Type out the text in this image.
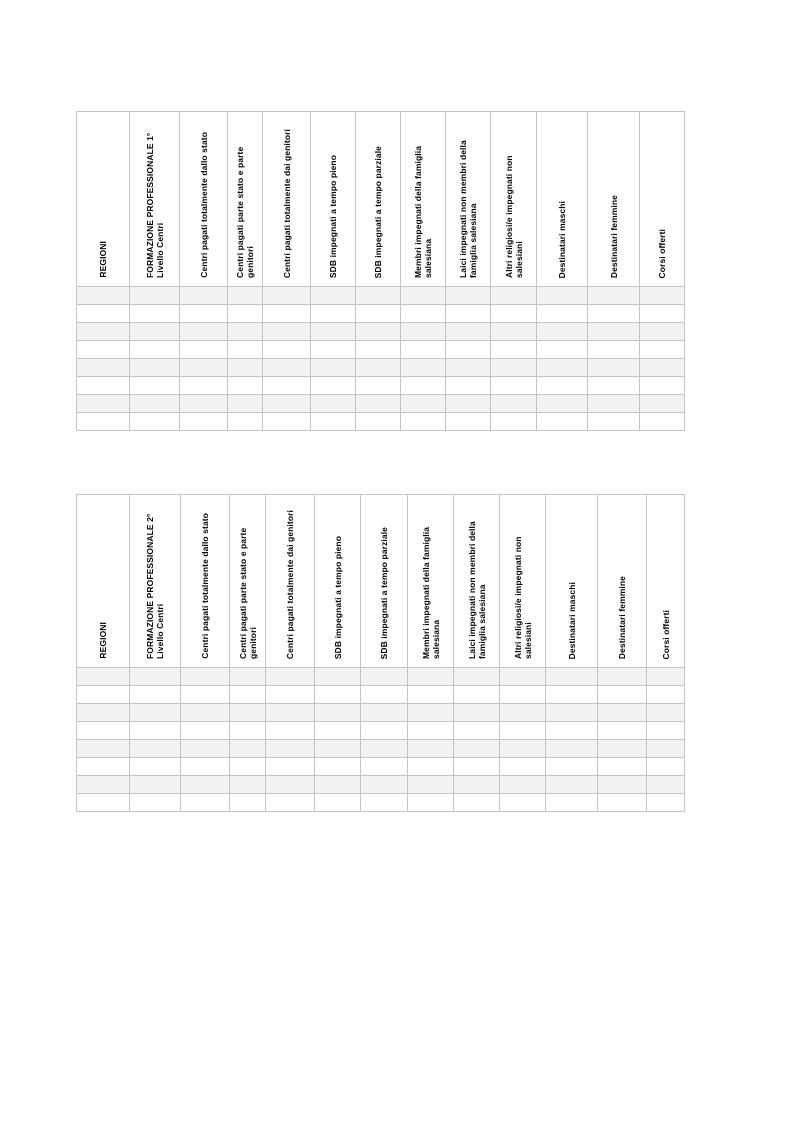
REGIONI	FORMAZIONE PROFESSIONALE 1° Livello Centri	Centri pagati totalmente dallo stato	Centri pagati parte stato e parte genitori	Centri pagati totalmente dai genitori	SDB impegnati a tempo pieno	SDB impegnati a tempo parziale	Membri impegnati della famiglia salesiana	Laici impegnati non membri della famiglia salesiana	Altri religiosi/e impegnati non salesiani	Destinatari maschi	Destinatari femmine	Corsi offerti

REGIONI	FORMAZIONE PROFESSIONALE 2° Livello Centri	Centri pagati totalmente dallo stato	Centri pagati parte stato e parte genitori	Centri pagati totalmente dai genitori	SDB impegnati a tempo pieno	SDB impegnati a tempo parziale	Membri impegnati della famiglia salesiana	Laici impegnati non membri della famiglia salesiana	Altri religiosi/e impegnati non salesiani	Destinatari maschi	Destinatari femmine	Corsi offerti
